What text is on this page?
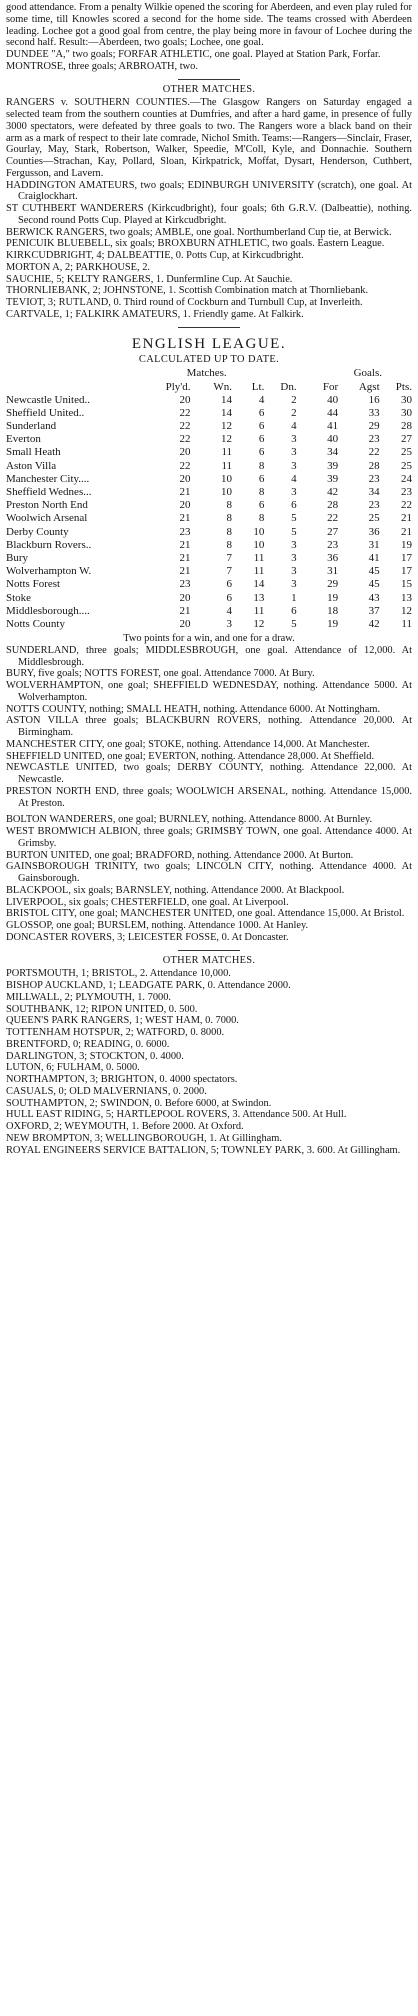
good attendance. From a penalty Wilkie opened the scoring for Aberdeen, and even play ruled for some time, till Knowles scored a second for the home side. The teams crossed with Aberdeen leading. Lochee got a good goal from centre, the play being more in favour of Lochee during the second half. Result:—Aberdeen, two goals; Lochee, one goal.

DUNDEE "A," two goals; FORFAR ATHLETIC, one goal. Played at Station Park, Forfar.

MONTROSE, three goals; ARBROATH, two.

OTHER MATCHES.

RANGERS v. SOUTHERN COUNTIES.—The Glasgow Rangers on Saturday engaged a selected team from the southern counties at Dumfries, and after a hard game, in presence of fully 3000 spectators, were defeated by three goals to two. The Rangers wore a black band on their arm as a mark of respect to their late comrade, Nichol Smith. Teams:—Rangers—Sinclair, Fraser, Gourlay, May, Stark, Robertson, Walker, Speedie, M'Coll, Kyle, and Donnachie. Southern Counties—Strachan, Kay, Pollard, Sloan, Kirkpatrick, Moffat, Dysart, Henderson, Cuthbert, Fergusson, and Lavern.

HADDINGTON AMATEURS, two goals; EDINBURGH UNIVERSITY (scratch), one goal. At Craiglockhart.

ST CUTHBERT WANDERERS (Kirkcudbright), four goals; 6th G.R.V. (Dalbeattie), nothing. Second round Potts Cup. Played at Kirkcudbright.

BERWICK RANGERS, two goals; AMBLE, one goal. Northumberland Cup tie, at Berwick.

PENICUIK BLUEBELL, six goals; BROXBURN ATHLETIC, two goals. Eastern League.

KIRKCUDBRIGHT, 4; DALBEATTIE, 0. Potts Cup, at Kirkcudbright.

MORTON A, 2; PARKHOUSE, 2.

SAUCHIE, 5; KELTY RANGERS, 1. Dunfermline Cup. At Sauchie.

THORNLIEBANK, 2; JOHNSTONE, 1. Scottish Combination match at Thornliebank.

TEVIOT, 3; RUTLAND, 0. Third round of Cockburn and Turnbull Cup, at Inverleith.

CARTVALE, 1; FALKIRK AMATEURS, 1. Friendly game. At Falkirk.

ENGLISH LEAGUE.
CALCULATED UP TO DATE.
	Matches.				Goals.		
	Ply'd.	Wn.	Lt.	Dn.	For	Agst	Pts.
Newcastle United..	20	14	4	2	40	16	30
Sheffield United..	22	14	6	2	44	33	30
Sunderland	22	12	6	4	41	29	28
Everton	22	12	6	3	40	23	27
Small Heath	20	11	6	3	34	22	25
Aston Villa	22	11	8	3	39	28	25
Manchester City....	20	10	6	4	39	23	24
Sheffield Wednes...	21	10	8	3	42	34	23
Preston North End	20	8	6	6	28	23	22
Woolwich Arsenal	21	8	8	5	22	25	21
Derby County	23	8	10	5	27	36	21
Blackburn Rovers..	21	8	10	3	23	31	19
Bury	21	7	11	3	36	41	17
Wolverhampton W.	21	7	11	3	31	45	17
Notts Forest	23	6	14	3	29	45	15
Stoke	20	6	13	1	19	43	13
Middlesborough....	21	4	11	6	18	37	12
Notts County	20	3	12	5	19	42	11
Two points for a win, and one for a draw.

SUNDERLAND, three goals; MIDDLESBROUGH, one goal. Attendance of 12,000. At Middlesbrough.

BURY, five goals; NOTTS FOREST, one goal. Attendance 7000. At Bury.

WOLVERHAMPTON, one goal; SHEFFIELD WEDNESDAY, nothing. Attendance 5000. At Wolverhampton.

NOTTS COUNTY, nothing; SMALL HEATH, nothing. Attendance 6000. At Nottingham.

ASTON VILLA three goals; BLACKBURN ROVERS, nothing. Attendance 20,000. At Birmingham.

MANCHESTER CITY, one goal; STOKE, nothing. Attendance 14,000. At Manchester.

SHEFFIELD UNITED, one goal; EVERTON, nothing. Attendance 28,000. At Sheffield.

NEWCASTLE UNITED, two goals; DERBY COUNTY, nothing. Attendance 22,000. At Newcastle.

PRESTON NORTH END, three goals; WOOLWICH ARSENAL, nothing. Attendance 15,000. At Preston.

BOLTON WANDERERS, one goal; BURNLEY, nothing. Attendance 8000. At Burnley.

WEST BROMWICH ALBION, three goals; GRIMSBY TOWN, one goal. Attendance 4000. At Grimsby.

BURTON UNITED, one goal; BRADFORD, nothing. Attendance 2000. At Burton.

GAINSBOROUGH TRINITY, two goals; LINCOLN CITY, nothing. Attendance 4000. At Gainsborough.

BLACKPOOL, six goals; BARNSLEY, nothing. Attendance 2000. At Blackpool.

LIVERPOOL, six goals; CHESTERFIELD, one goal. At Liverpool.

BRISTOL CITY, one goal; MANCHESTER UNITED, one goal. Attendance 15,000. At Bristol.

GLOSSOP, one goal; BURSLEM, nothing. Attendance 1000. At Hanley.

DONCASTER ROVERS, 3; LEICESTER FOSSE, 0. At Doncaster.

OTHER MATCHES.

PORTSMOUTH, 1; BRISTOL, 2. Attendance 10,000.

BISHOP AUCKLAND, 1; LEADGATE PARK, 0. Attendance 2000.

MILLWALL, 2; PLYMOUTH, 1. 7000.

SOUTHBANK, 12; RIPON UNITED, 0. 500.

QUEEN'S PARK RANGERS, 1; WEST HAM, 0. 7000.

TOTTENHAM HOTSPUR, 2; WATFORD, 0. 8000.

BRENTFORD, 0; READING, 0. 6000.

DARLINGTON, 3; STOCKTON, 0. 4000.

LUTON, 6; FULHAM, 0. 5000.

NORTHAMPTON, 3; BRIGHTON, 0. 4000 spectators.

CASUALS, 0; OLD MALVERNIANS, 0. 2000.

SOUTHAMPTON, 2; SWINDON, 0. Before 6000, at Swindon.

HULL EAST RIDING, 5; HARTLEPOOL ROVERS, 3. Attendance 500. At Hull.

OXFORD, 2; WEYMOUTH, 1. Before 2000. At Oxford.

NEW BROMPTON, 3; WELLINGBOROUGH, 1. At Gillingham.

ROYAL ENGINEERS SERVICE BATTALION, 5; TOWNLEY PARK, 3. 600. At Gillingham.
